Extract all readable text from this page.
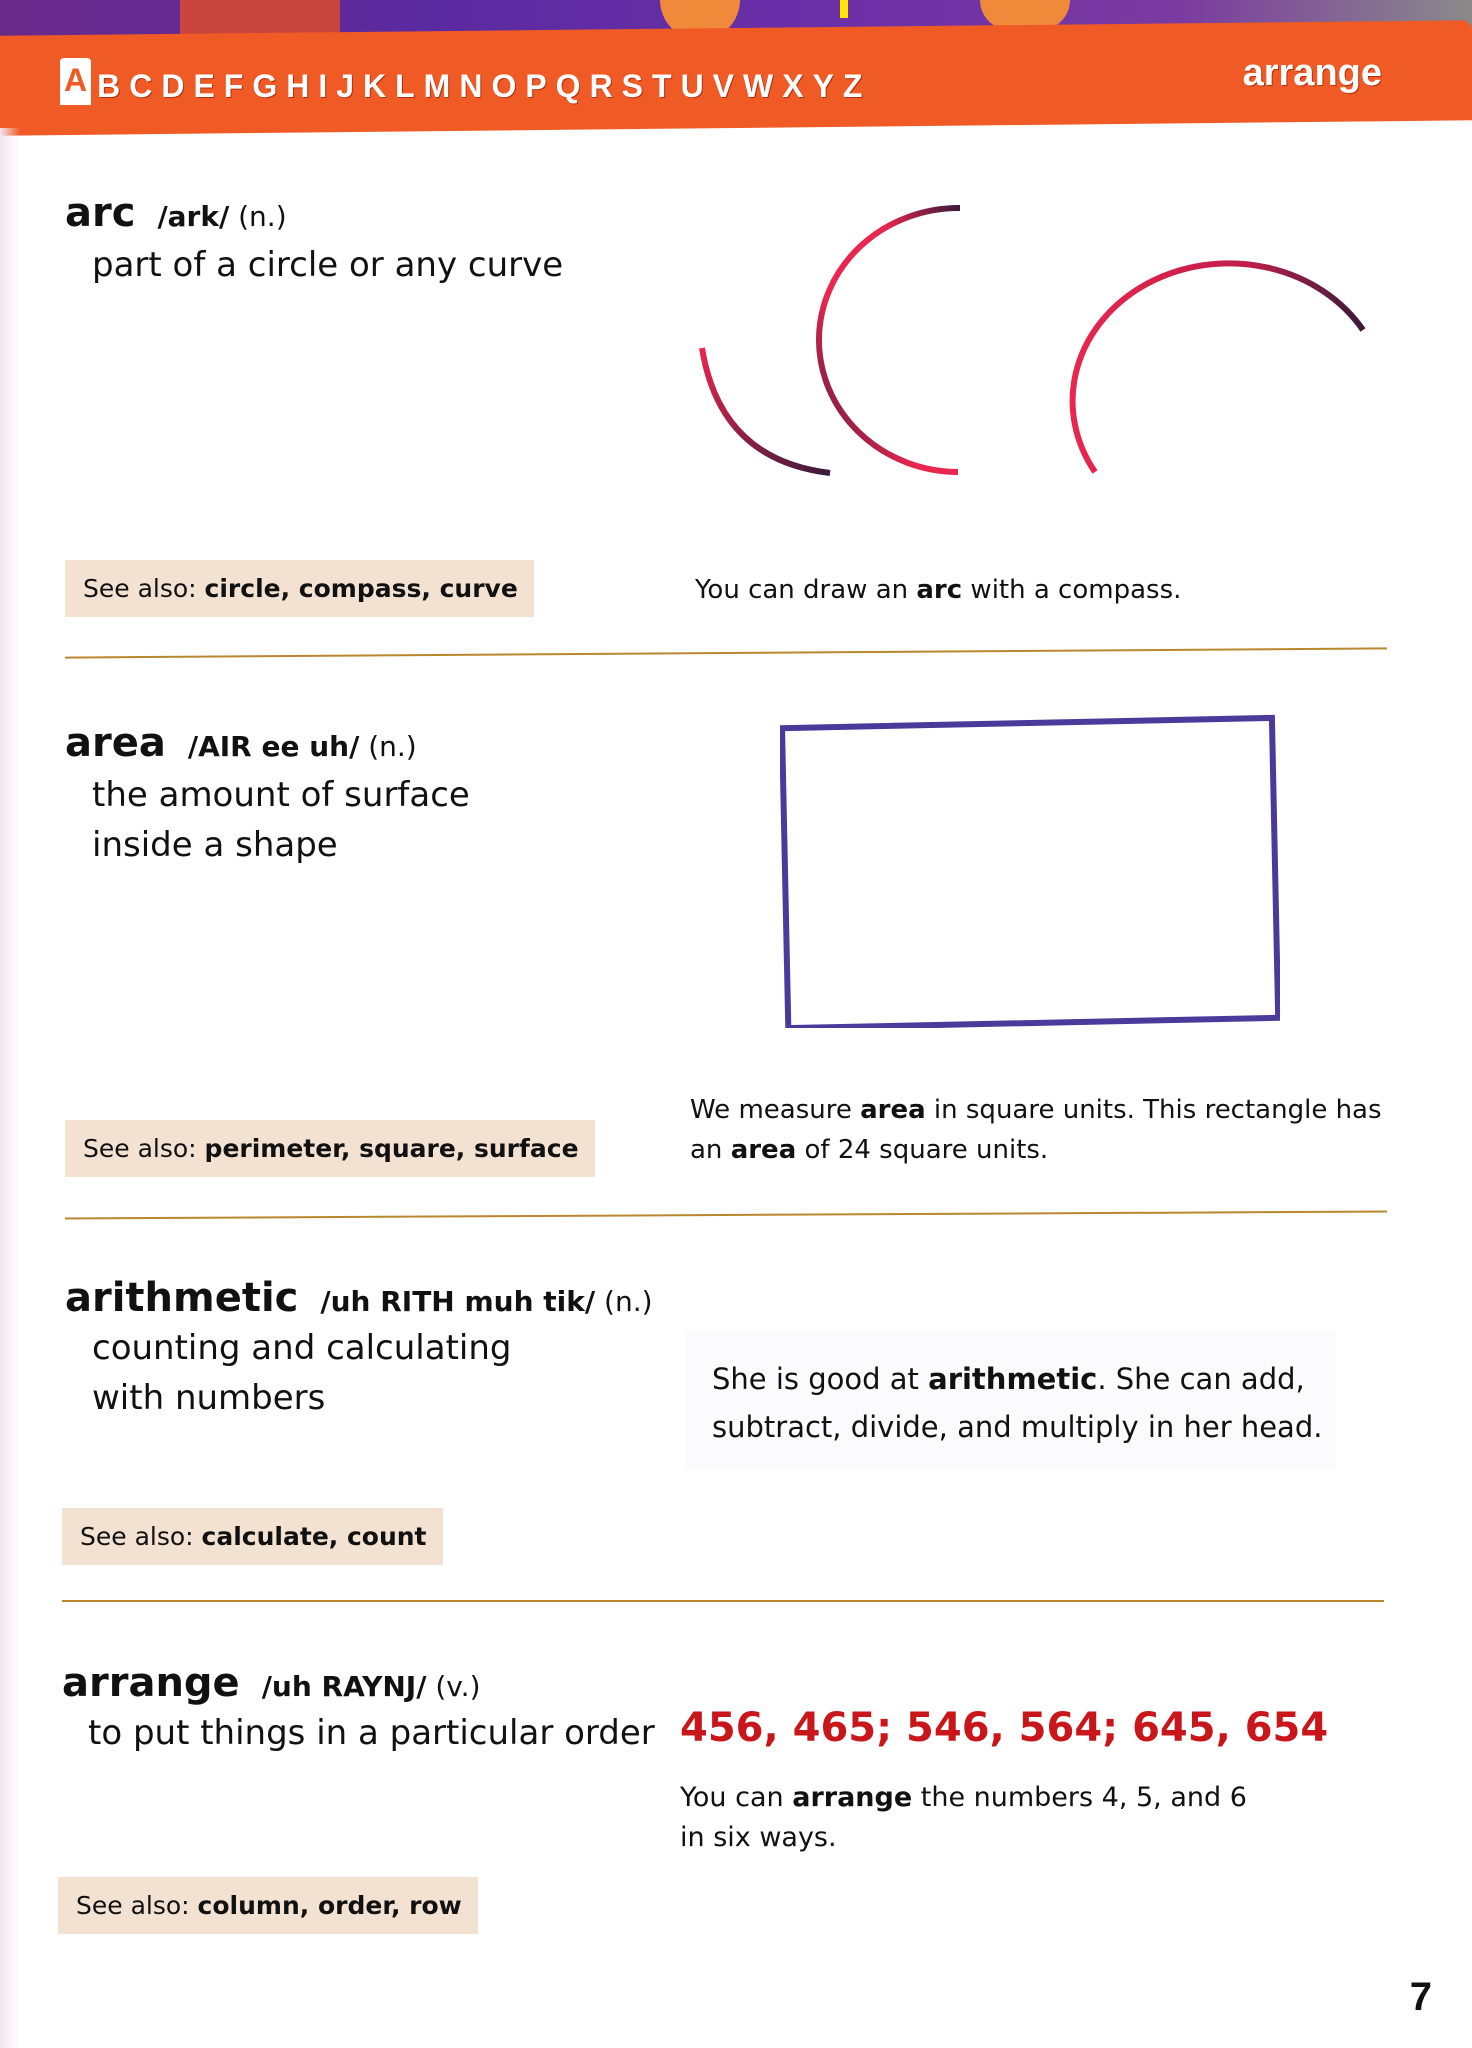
A B C D E F G H I J K L M N O P Q R S T U V W X Y Z	arrange
arc /ark/ (n.)
part of a circle or any curve
See also: circle, compass, curve	You can draw an arc with a compass.
area /AIR ee uh/ (n.)
the amount of surface
inside a shape
See also: perimeter, square, surface
We measure area in square units. This rectangle has
an area of 24 square units.
arithmetic /uh RITH muh tik/ (n.)
counting and calculating
with numbers	She is good at arithmetic. She can add,
subtract, divide, and multiply in her head.
See also: calculate, count
arrange /uh RAYNJ/ (v.)
to put things in a particular order 456, 465; 546, 564; 645, 654
You can arrange the numbers 4, 5, and 6
in six ways.
See also: column, order, row
7
